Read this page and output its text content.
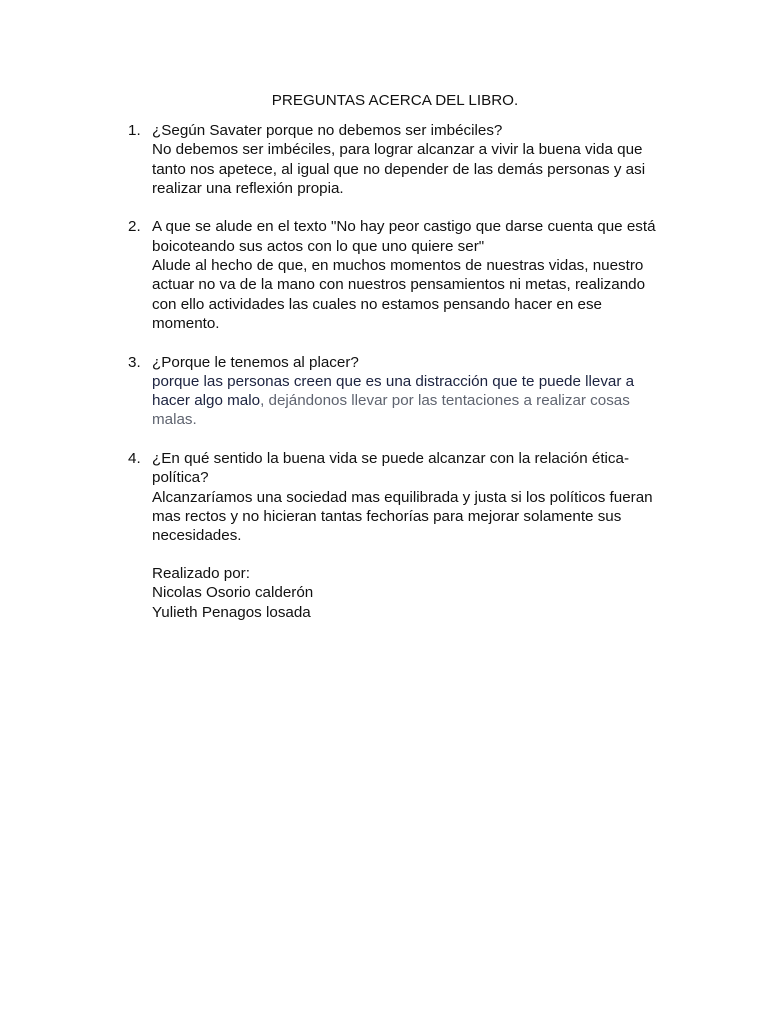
PREGUNTAS ACERCA DEL LIBRO.
1. ¿Según Savater porque no debemos ser imbéciles?
No debemos ser imbéciles, para lograr alcanzar a vivir la buena vida que tanto nos apetece, al igual que no depender de las demás personas y asi realizar una reflexión propia.
2. A que se alude en el texto "No hay peor castigo que darse cuenta que está boicoteando sus actos con lo que uno quiere ser"
Alude al hecho de que, en muchos momentos de nuestras vidas, nuestro actuar no va de la mano con nuestros pensamientos ni metas, realizando con ello actividades las cuales no estamos pensando hacer en ese momento.
3. ¿Porque le tenemos al placer?
porque las personas creen que es una distracción que te puede llevar a hacer algo malo, dejándonos llevar por las tentaciones a realizar cosas malas.
4. ¿En qué sentido la buena vida se puede alcanzar con la relación ética-política?
Alcanzaríamos una sociedad mas equilibrada y justa si los políticos fueran mas rectos y no hicieran tantas fechorías para mejorar solamente sus necesidades.
Realizado por:
Nicolas Osorio calderón
Yulieth Penagos losada
